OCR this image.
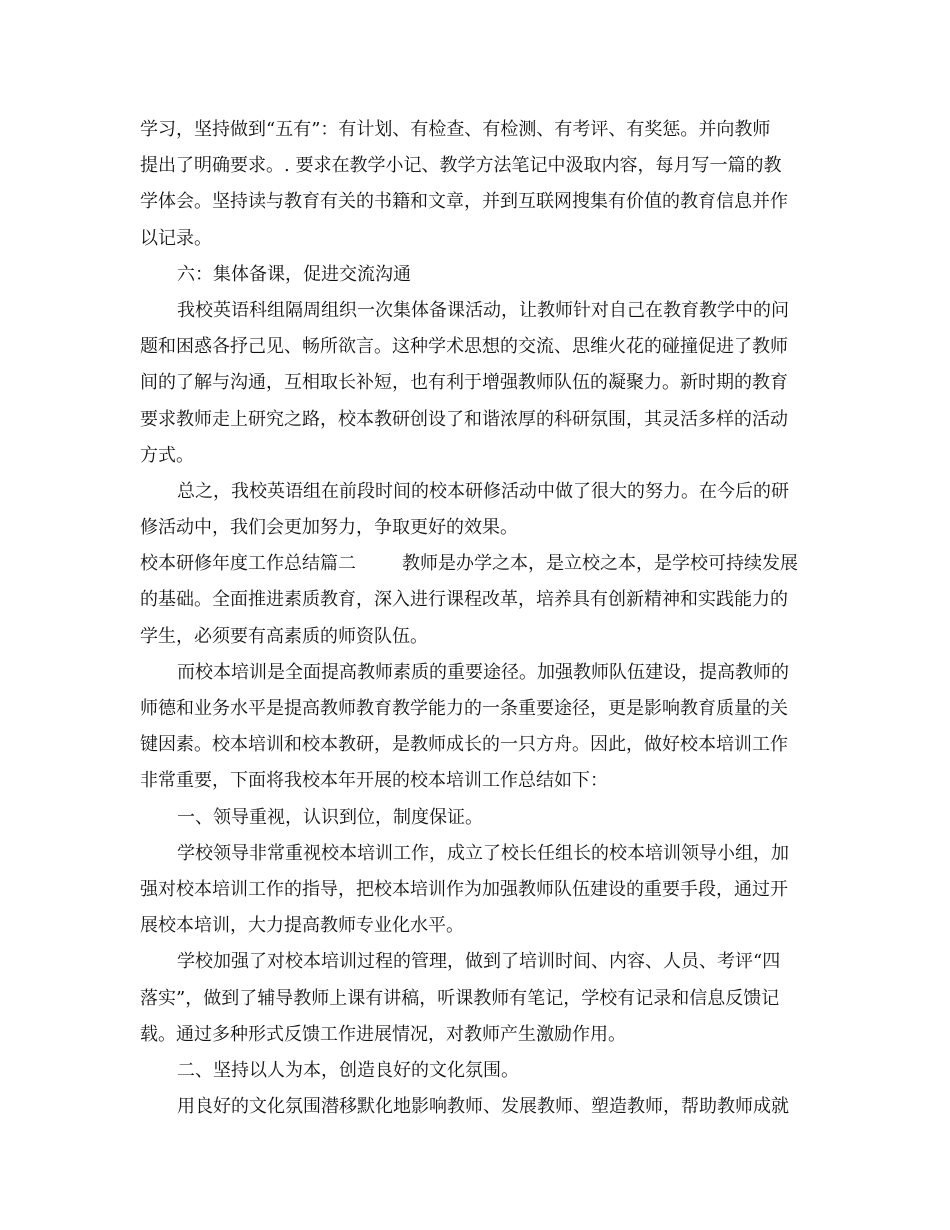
学习，坚持做到“五有”：有计划、有检查、有检测、有考评、有奖惩。并向教师
提出了明确要求。. 要求在教学小记、教学方法笔记中汲取内容，每月写一篇的教
学体会。坚持读与教育有关的书籍和文章，并到互联网搜集有价值的教育信息并作
以记录。
六：集体备课，促进交流沟通
我校英语科组隔周组织一次集体备课活动，让教师针对自己在教育教学中的问
题和困惑各抒己见、畅所欲言。这种学术思想的交流、思维火花的碰撞促进了教师
间的了解与沟通，互相取长补短，也有利于增强教师队伍的凝聚力。新时期的教育
要求教师走上研究之路，校本教研创设了和谐浓厚的科研氛围，其灵活多样的活动
方式。
总之，我校英语组在前段时间的校本研修活动中做了很大的努力。在今后的研
修活动中，我们会更加努力，争取更好的效果。
校本研修年度工作总结篇二	教师是办学之本，是立校之本，是学校可持续发展
的基础。全面推进素质教育，深入进行课程改革，培养具有创新精神和实践能力的
学生，必须要有高素质的师资队伍。
而校本培训是全面提高教师素质的重要途径。加强教师队伍建设，提高教师的
师德和业务水平是提高教师教育教学能力的一条重要途径，更是影响教育质量的关
键因素。校本培训和校本教研，是教师成长的一只方舟。因此，做好校本培训工作
非常重要，下面将我校本年开展的校本培训工作总结如下：
一、领导重视，认识到位，制度保证。
学校领导非常重视校本培训工作，成立了校长任组长的校本培训领导小组，加
强对校本培训工作的指导，把校本培训作为加强教师队伍建设的重要手段，通过开
展校本培训，大力提高教师专业化水平。
学校加强了对校本培训过程的管理，做到了培训时间、内容、人员、考评“四
落实”，做到了辅导教师上课有讲稿，听课教师有笔记，学校有记录和信息反馈记
载。通过多种形式反馈工作进展情况，对教师产生激励作用。
二、坚持以人为本，创造良好的文化氛围。
用良好的文化氛围潜移默化地影响教师、发展教师、塑造教师，帮助教师成就
